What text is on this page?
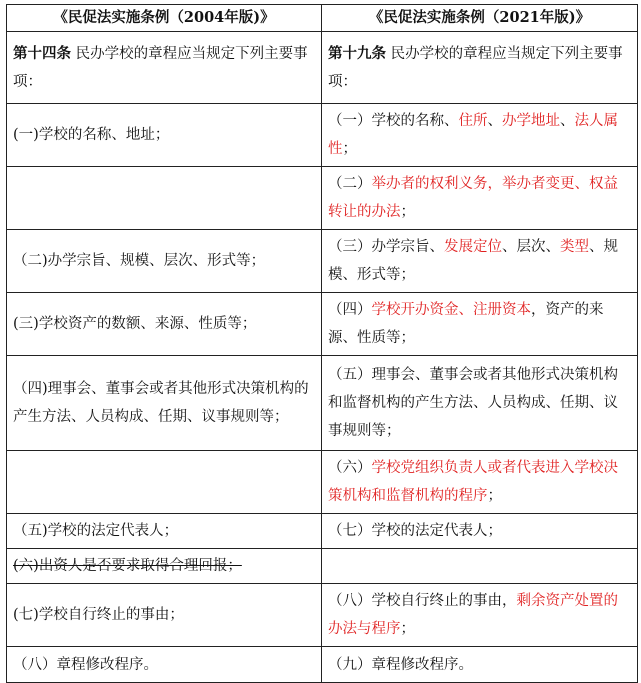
《民促法实施条例（2004年版)》	《民促法实施条例（2021年版)》
第十四条 民办学校的章程应当规定下列主要事项：	第十九条 民办学校的章程应当规定下列主要事项：
(一)学校的名称、地址；	（一）学校的名称、住所、办学地址、法人属性；
	（二）举办者的权利义务，举办者变更、权益转让的办法；
（二)办学宗旨、规模、层次、形式等；	（三）办学宗旨、发展定位、层次、类型、规模、形式等；
(三)学校资产的数额、来源、性质等；	（四）学校开办资金、注册资本，资产的来源、性质等；
（四)理事会、董事会或者其他形式决策机构的产生方法、人员构成、任期、议事规则等；	（五）理事会、董事会或者其他形式决策机构和监督机构的产生方法、人员构成、任期、议事规则等；
	（六）学校党组织负责人或者代表进入学校决策机构和监督机构的程序；
（五)学校的法定代表人；	（七）学校的法定代表人；
(六)出资人是否要求取得合理回报；	
(七)学校自行终止的事由；	（八）学校自行终止的事由，剩余资产处置的办法与程序；
（八）章程修改程序。	（九）章程修改程序。
